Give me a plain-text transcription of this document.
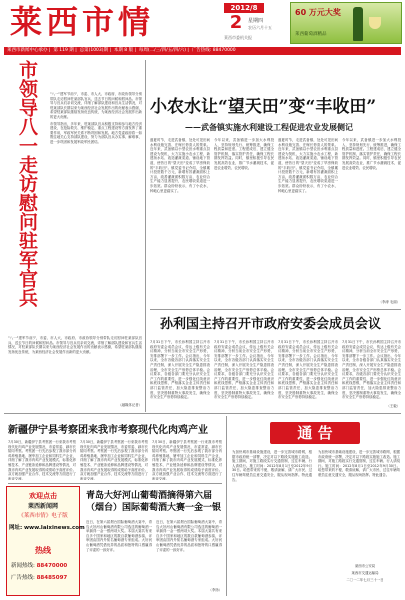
莱西市情	2012/8
2	星期四
农历六月十五
莱西市委机关报
60 万元大奖
莱西葡萄酒精品
莱西市新闻中心承办 |  第 119 期 |  总第(1003)期 |  本期 8 版 |  每周(二/三/四/五/四/六) |  广告热线: 88470000
市领导八一走访慰问驻军官兵	"八一"建军节前夕，市委、市人大、市政府、市政协领导分别带队走访慰问驻莱部队官兵，送去节日的问候和慰问品。市领导与官兵们亲切交流，详细了解部队建设和官兵生活情况，对驻莱部队长期以来为莱西经济社会发展作出的贡献表示感谢，希望驻莱部队继续发扬优良传统，为莱西经济社会发展作出新的更大贡献。

市领导指出，多年来，驻莱部队官兵积极支持和参与地方经济建设，在抢险救灾、维护稳定、重点工程建设等方面发挥了重要作用，军政军民关系不断巩固和发展。地方党委政府将一如既往地关心支持部队建设，努力为部队官兵办实事、解难事，进一步巩固和发展军政军民团结。

（融媒体记者）

"八一"建军节前夕，市委、市人大、市政府、市政协领导分别带队走访慰问驻莱部队官兵，送去节日的问候和慰问品。市领导与官兵们亲切交流，详细了解部队建设和官兵生活情况，对驻莱部队长期以来为莱西经济社会发展作出的贡献表示感谢，希望驻莱部队继续发扬优良传统，为莱西经济社会发展作出新的更大贡献。

小农水让“望天田”变“丰收田”
——武备镇实施水利建设工程促进农业发展侧记
盛夏时节，走进武备镇，处处可见田间水利设施完善、庄稼长势喜人的景象。近年来，武备镇以小型农田水利重点县建设为契机，大力实施小农水工程，新建扬水站、改造灌溉渠道、铺设地下管道，使昔日的"望天田"变成了旱涝保收的"丰收田"。镇党委书记介绍，全镇累计投资数千万元，新增有效灌溉面积上万亩，改善灌溉面积数万亩，农业综合生产能力显著提升，农民增收渠道进一步拓宽。群众纷纷表示，有了小农水，种地心里更踏实了。
今年以来，武备镇进一步加大水利投入，坚持规划先行、统筹推进，确保工程质量和进度。工程建成后，建立健全管护机制，落实管护责任，确保工程长期发挥效益。同时，镇里积极引导农民发展高效农业，推广节水灌溉技术，促进农业增效、农民增收。
盛夏时节，走进武备镇，处处可见田间水利设施完善、庄稼长势喜人的景象。近年来，武备镇以小型农田水利重点县建设为契机，大力实施小农水工程，新建扬水站、改造灌溉渠道、铺设地下管道，使昔日的"望天田"变成了旱涝保收的"丰收田"。镇党委书记介绍，全镇累计投资数千万元，新增有效灌溉面积上万亩，改善灌溉面积数万亩，农业综合生产能力显著提升，农民增收渠道进一步拓宽。群众纷纷表示，有了小农水，种地心里更踏实了。
今年以来，武备镇进一步加大水利投入，坚持规划先行、统筹推进，确保工程质量和进度。工程建成后，建立健全管护机制，落实管护责任，确保工程长期发挥效益。同时，镇里积极引导农民发展高效农业，推广节水灌溉技术，促进农业增效、农民增收。
（李涛 毛丽）
孙利国主持召开市政府安委会成员会议
7月31日下午，市长孙利国主持召开市政府安委会成员会议，传达上级有关会议精神，分析当前全市安全生产形势，安排部署下一步工作。会议指出，今年以来，全市各级各部门认真落实安全生产责任制，深入开展安全生产隐患排查治理，全市安全生产形势总体平稳。会议要求，各级各部门要充分认识安全生产工作的重要性，进一步强化红线意识和底线思维，严格落实企业主体责任和部门监管责任，加大隐患排查整治力度，坚决遏制重特大事故发生，确保全市安全生产形势持续稳定。
7月31日下午，市长孙利国主持召开市政府安委会成员会议，传达上级有关会议精神，分析当前全市安全生产形势，安排部署下一步工作。会议指出，今年以来，全市各级各部门认真落实安全生产责任制，深入开展安全生产隐患排查治理，全市安全生产形势总体平稳。会议要求，各级各部门要充分认识安全生产工作的重要性，进一步强化红线意识和底线思维，严格落实企业主体责任和部门监管责任，加大隐患排查整治力度，坚决遏制重特大事故发生，确保全市安全生产形势持续稳定。
7月31日下午，市长孙利国主持召开市政府安委会成员会议，传达上级有关会议精神，分析当前全市安全生产形势，安排部署下一步工作。会议指出，今年以来，全市各级各部门认真落实安全生产责任制，深入开展安全生产隐患排查治理，全市安全生产形势总体平稳。会议要求，各级各部门要充分认识安全生产工作的重要性，进一步强化红线意识和底线思维，严格落实企业主体责任和部门监管责任，加大隐患排查整治力度，坚决遏制重特大事故发生，确保全市安全生产形势持续稳定。
7月31日下午，市长孙利国主持召开市政府安委会成员会议，传达上级有关会议精神，分析当前全市安全生产形势，安排部署下一步工作。会议指出，今年以来，全市各级各部门认真落实安全生产责任制，深入开展安全生产隐患排查治理，全市安全生产形势总体平稳。会议要求，各级各部门要充分认识安全生产工作的重要性，进一步强化红线意识和底线思维，严格落实企业主体责任和部门监管责任，加大隐患排查整治力度，坚决遏制重特大事故发生，确保全市安全生产形势持续稳定。
（王毅）
新疆伊宁县考察团来我市考察现代化肉鸡产业
7月30日，新疆伊宁县考察团一行来我市考察现代化肉鸡产业发展情况，市委常委、副市长陪同考察。考察团一行先后参观了我市部分肉鸡养殖基地、屠宰加工企业和饲料生产企业，详细了解了我市肉鸡产业发展模式、标准化养殖技术、产业链条延伸和品牌建设等情况，对我市肉鸡产业发展取得的成绩给予高度评价。双方就加强产业合作、技术交流等方面进行了座谈交流。
7月30日，新疆伊宁县考察团一行来我市考察现代化肉鸡产业发展情况，市委常委、副市长陪同考察。考察团一行先后参观了我市部分肉鸡养殖基地、屠宰加工企业和饲料生产企业，详细了解了我市肉鸡产业发展模式、标准化养殖技术、产业链条延伸和品牌建设等情况，对我市肉鸡产业发展取得的成绩给予高度评价。双方就加强产业合作、技术交流等方面进行了座谈交流。
7月30日，新疆伊宁县考察团一行来我市考察现代化肉鸡产业发展情况，市委常委、副市长陪同考察。考察团一行先后参观了我市部分肉鸡养殖基地、屠宰加工企业和饲料生产企业，详细了解了我市肉鸡产业发展模式、标准化养殖技术、产业链条延伸和品牌建设等情况，对我市肉鸡产业发展取得的成绩给予高度评价。双方就加强产业合作、技术交流等方面进行了座谈交流。
欢迎点击
莱西新闻网
《莱西市情》电子版
网址: www.laixinews.com
热线
新闻热线: 88470000
广告热线: 88485097
青岛大好河山葡萄酒摘得第六届（烟台）国际葡萄酒大赛一金一银
近日，在第六届烟台国际葡萄酒大赛中，青岛大好河山葡萄酒有限公司选送的葡萄酒一举摘得一金一银两项大奖。本届大赛共有来自多个国家和地区的数百款葡萄酒参赛，评审团由国内外知名葡萄酒专家组成。大好河山葡萄酒凭借优异的品质和独特的口感赢得了评委的一致好评。
近日，在第六届烟台国际葡萄酒大赛中，青岛大好河山葡萄酒有限公司选送的葡萄酒一举摘得一金一银两项大奖。本届大赛共有来自多个国家和地区的数百款葡萄酒参赛，评审团由国内外知名葡萄酒专家组成。大好河山葡萄酒凭借优异的品质和独特的口感赢得了评委的一致好评。
（李扬）
通 告
为加快城市基础设施建设，进一步完善城市路网，根据市政府统一部署，决定对以下路段实施施工改造。施工期间，对施工路段实行交通管制，过往车辆、行人请绕行。施工时间：2012年8月1日至2012年9月30日。给您带来的不便，敬请谅解，请广大市民、过往车辆驾驶员注意交通安全，服从现场指挥。特此通告。
为加快城市基础设施建设，进一步完善城市路网，根据市政府统一部署，决定对以下路段实施施工改造。施工期间，对施工路段实行交通管制，过往车辆、行人请绕行。施工时间：2012年8月1日至2012年9月30日。给您带来的不便，敬请谅解，请广大市民、过往车辆驾驶员注意交通安全，服从现场指挥。特此通告。
莱西市公安局
莱西市交通运输局
二〇一二年七月三十一日
